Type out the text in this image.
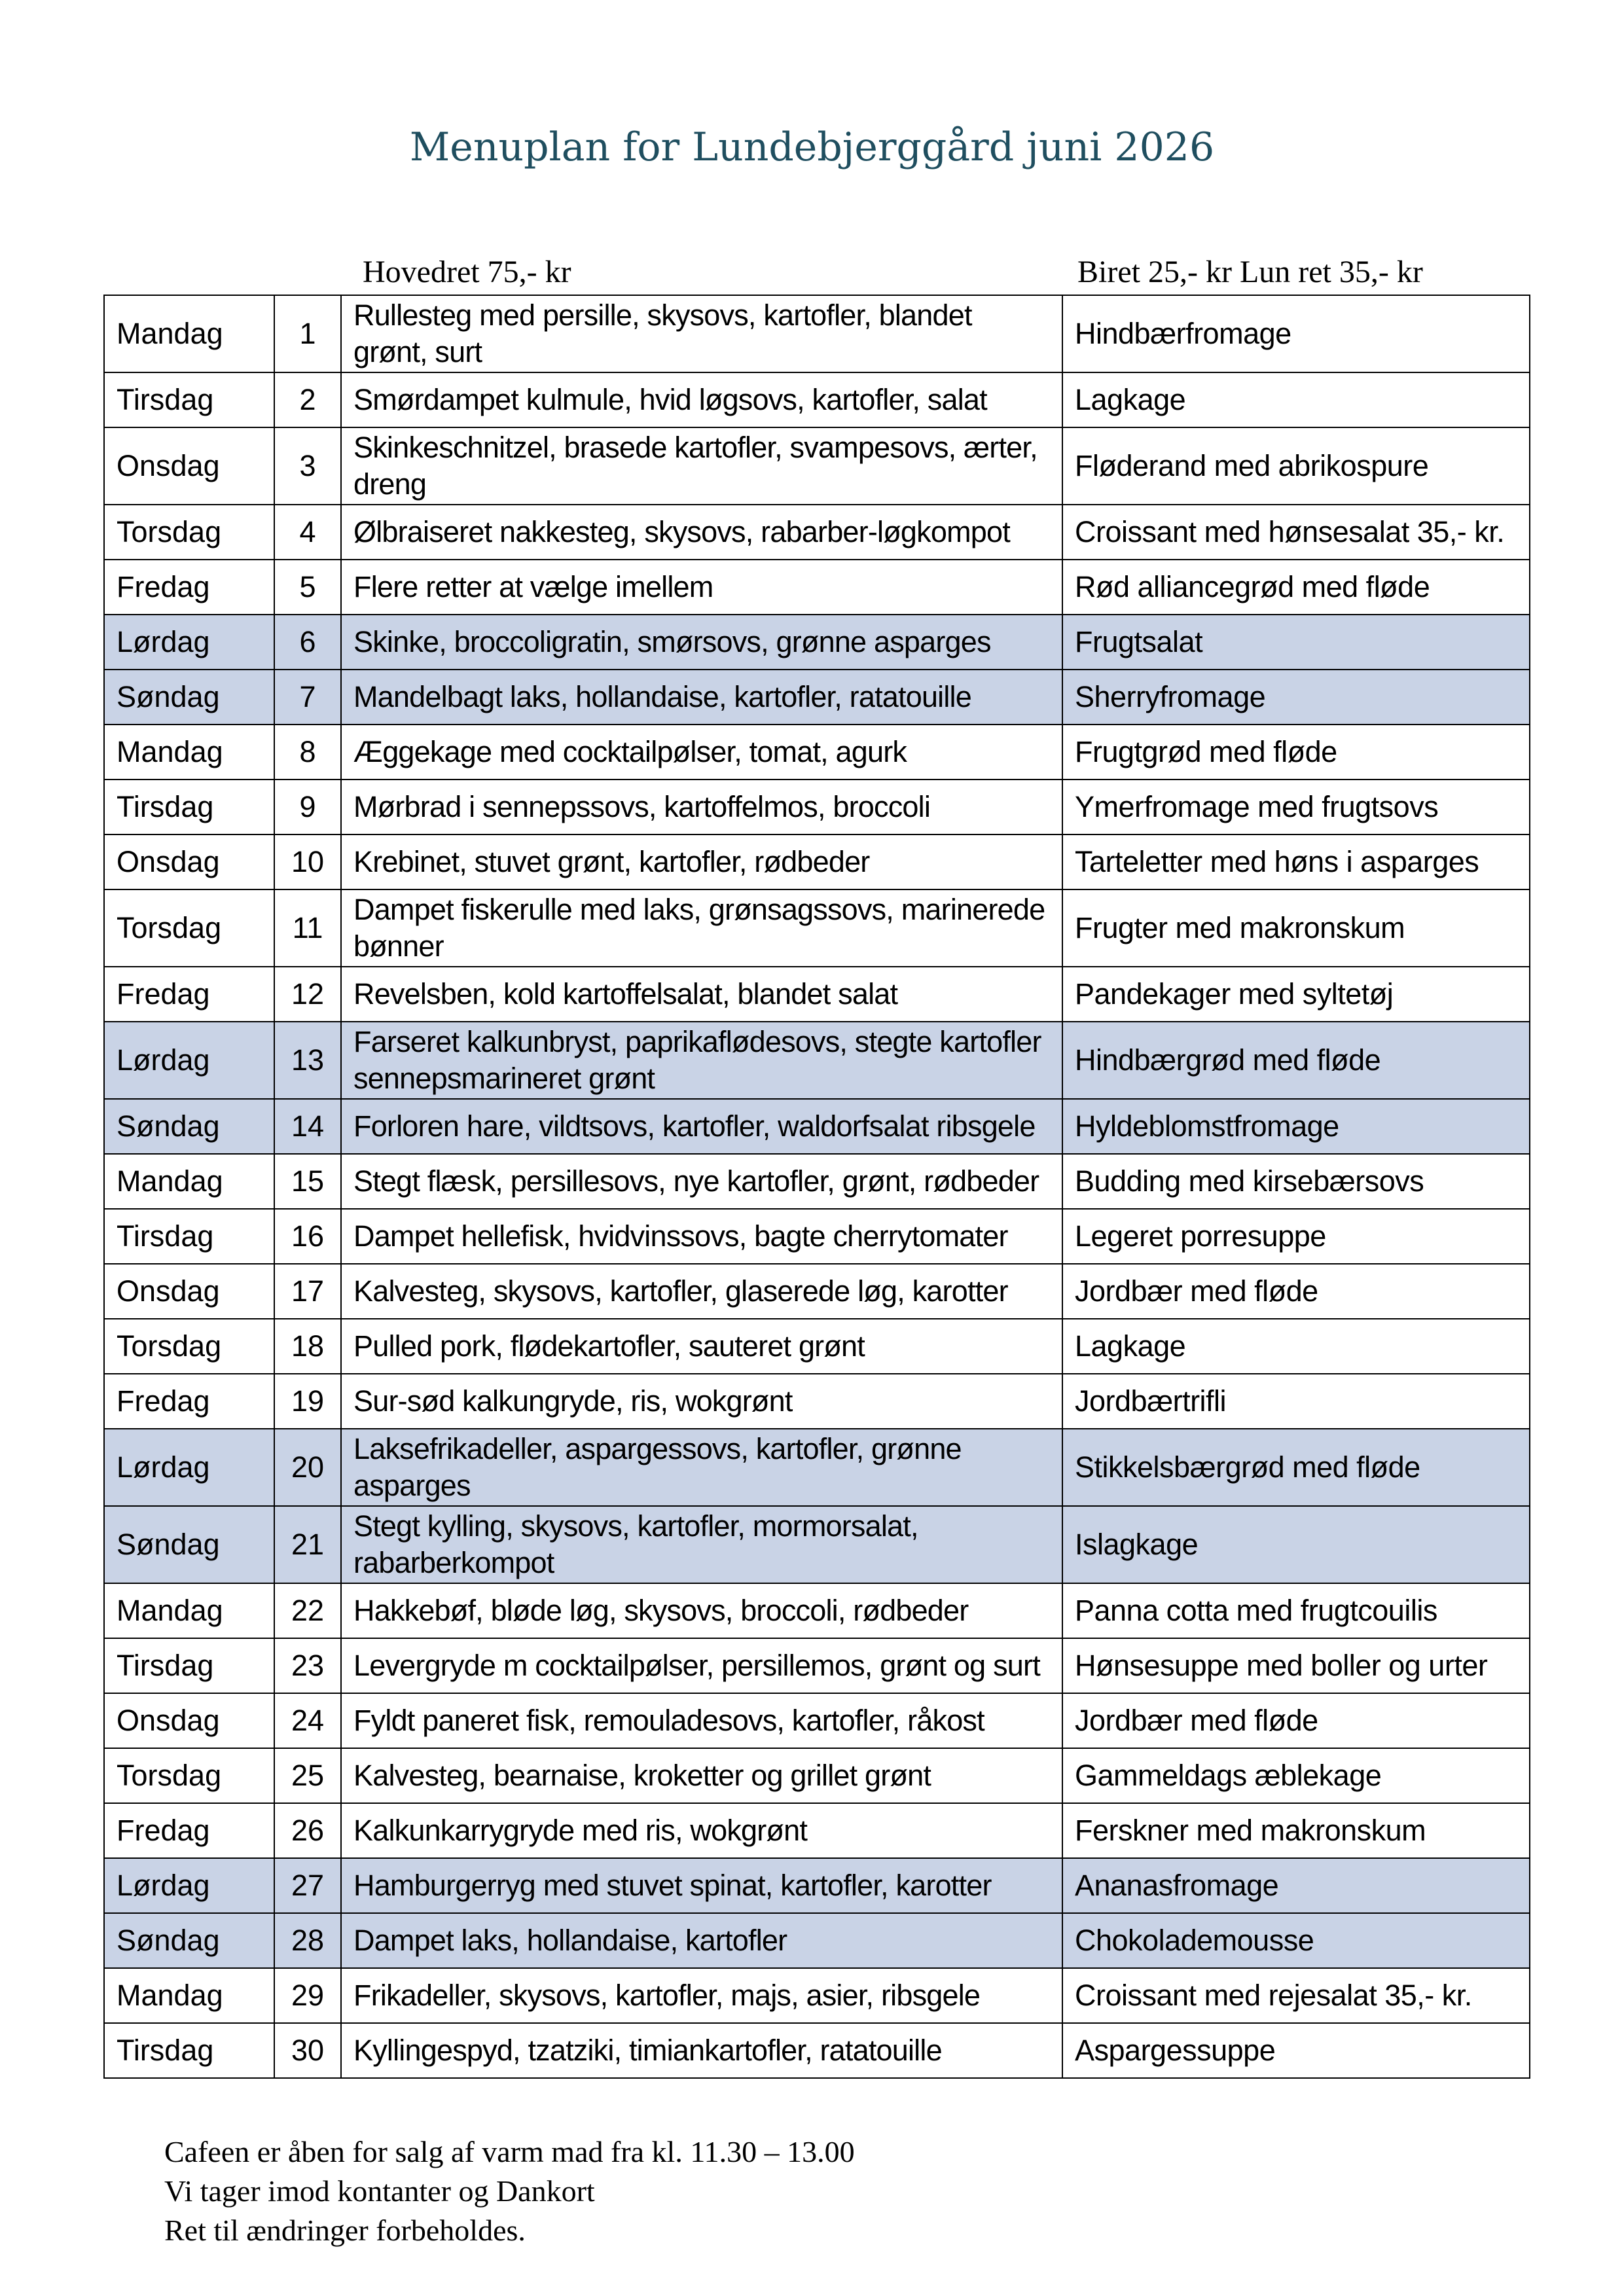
Menuplan for Lundebjerggård juni 2026
Hovedret 75,- kr	Biret 25,- kr Lun ret 35,- kr
Mandag	1	Rullesteg med persille, skysovs, kartofler, blandet grønt, surt	Hindbærfromage
Tirsdag	2	Smørdampet kulmule, hvid løgsovs, kartofler, salat	Lagkage
Onsdag	3	Skinkeschnitzel, brasede kartofler, svampesovs, ærter, dreng	Fløderand med abrikospure
Torsdag	4	Ølbraiseret nakkesteg, skysovs, rabarber-løgkompot	Croissant med hønsesalat 35,- kr.
Fredag	5	Flere retter at vælge imellem	Rød alliancegrød med fløde
Lørdag	6	Skinke, broccoligratin, smørsovs, grønne asparges	Frugtsalat
Søndag	7	Mandelbagt laks, hollandaise, kartofler, ratatouille	Sherryfromage
Mandag	8	Æggekage med cocktailpølser, tomat, agurk	Frugtgrød med fløde
Tirsdag	9	Mørbrad i sennepssovs, kartoffelmos, broccoli	Ymerfromage med frugtsovs
Onsdag	10	Krebinet, stuvet grønt, kartofler, rødbeder	Tarteletter med høns i asparges
Torsdag	11	Dampet fiskerulle med laks, grønsagssovs, marinerede bønner	Frugter med makronskum
Fredag	12	Revelsben, kold kartoffelsalat, blandet salat	Pandekager med syltetøj
Lørdag	13	Farseret kalkunbryst, paprikaflødesovs, stegte kartofler sennepsmarineret grønt	Hindbærgrød med fløde
Søndag	14	Forloren hare, vildtsovs, kartofler, waldorfsalat ribsgele	Hyldeblomstfromage
Mandag	15	Stegt flæsk, persillesovs, nye kartofler, grønt, rødbeder	Budding med kirsebærsovs
Tirsdag	16	Dampet hellefisk, hvidvinssovs, bagte cherrytomater	Legeret porresuppe
Onsdag	17	Kalvesteg, skysovs, kartofler, glaserede løg, karotter	Jordbær med fløde
Torsdag	18	Pulled pork, flødekartofler, sauteret grønt	Lagkage
Fredag	19	Sur-sød kalkungryde, ris, wokgrønt	Jordbærtrifli
Lørdag	20	Laksefrikadeller, aspargessovs, kartofler, grønne asparges	Stikkelsbærgrød med fløde
Søndag	21	Stegt kylling, skysovs, kartofler, mormorsalat, rabarberkompot	Islagkage
Mandag	22	Hakkebøf, bløde løg, skysovs, broccoli, rødbeder	Panna cotta med frugtcouilis
Tirsdag	23	Levergryde m cocktailpølser, persillemos, grønt og surt	Hønsesuppe med boller og urter
Onsdag	24	Fyldt paneret fisk, remouladesovs, kartofler, råkost	Jordbær med fløde
Torsdag	25	Kalvesteg, bearnaise, kroketter og grillet grønt	Gammeldags æblekage
Fredag	26	Kalkunkarrygryde med ris, wokgrønt	Ferskner med makronskum
Lørdag	27	Hamburgerryg med stuvet spinat, kartofler, karotter	Ananasfromage
Søndag	28	Dampet laks, hollandaise, kartofler	Chokolademousse
Mandag	29	Frikadeller, skysovs, kartofler, majs, asier, ribsgele	Croissant med rejesalat 35,- kr.
Tirsdag	30	Kyllingespyd, tzatziki, timiankartofler, ratatouille	Aspargessuppe
Cafeen er åben for salg af varm mad fra kl. 11.30 – 13.00
Vi tager imod kontanter og Dankort
Ret til ændringer forbeholdes.
